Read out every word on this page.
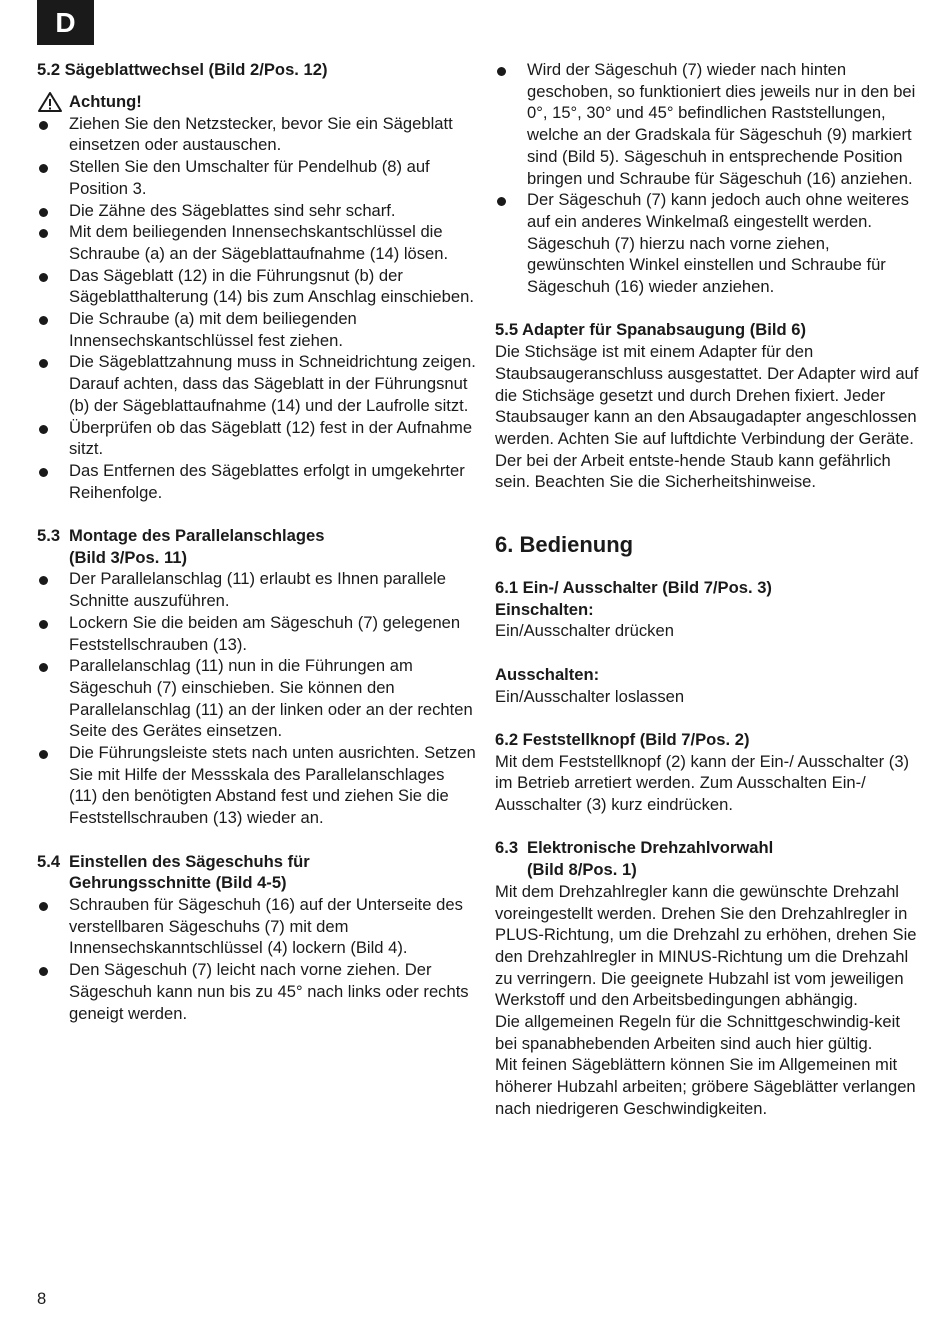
D
5.2 Sägeblattwechsel (Bild 2/Pos. 12)
Achtung!
Ziehen Sie den Netzstecker, bevor Sie ein Sägeblatt einsetzen oder austauschen.
Stellen Sie den Umschalter für Pendelhub (8) auf Position 3.
Die Zähne des Sägeblattes sind sehr scharf.
Mit dem beiliegenden Innensechskantschlüssel die Schraube (a) an der Sägeblattaufnahme (14) lösen.
Das Sägeblatt (12) in die Führungsnut (b) der Sägeblatthalterung (14) bis zum Anschlag einschieben.
Die Schraube (a) mit dem beiliegenden Innensechskantschlüssel fest ziehen.
Die Sägeblattzahnung muss in Schneidrichtung zeigen. Darauf achten, dass das Sägeblatt in der Führungsnut (b) der Sägeblattaufnahme (14) und der Laufrolle sitzt.
Überprüfen ob das Sägeblatt (12) fest in der Aufnahme sitzt.
Das Entfernen des Sägeblattes erfolgt in umgekehrter Reihenfolge.
5.3 Montage des Parallelanschlages
(Bild 3/Pos. 11)
Der Parallelanschlag (11) erlaubt es Ihnen parallele Schnitte auszuführen.
Lockern Sie die beiden am Sägeschuh (7) gelegenen Feststellschrauben (13).
Parallelanschlag (11) nun in die Führungen am Sägeschuh (7) einschieben. Sie können den Parallelanschlag (11) an der linken oder an der rechten Seite des Gerätes einsetzen.
Die Führungsleiste stets nach unten ausrichten. Setzen Sie mit Hilfe der Messskala des Parallelanschlages (11) den benötigten Abstand fest und ziehen Sie die Feststellschrauben (13) wieder an.
5.4 Einstellen des Sägeschuhs für
Gehrungsschnitte (Bild 4-5)
Schrauben für Sägeschuh (16) auf der Unterseite des verstellbaren Sägeschuhs (7) mit dem Innensechskanntschlüssel (4) lockern (Bild 4).
Den Sägeschuh (7) leicht nach vorne ziehen. Der Sägeschuh kann nun bis zu 45° nach links oder rechts geneigt werden.
Wird der Sägeschuh (7) wieder nach hinten geschoben, so funktioniert dies jeweils nur in den bei 0°, 15°, 30° und 45° befindlichen Raststellungen, welche an der Gradskala für Sägeschuh (9) markiert sind (Bild 5). Sägeschuh in entsprechende Position bringen und Schraube für Sägeschuh (16) anziehen.
Der Sägeschuh (7) kann jedoch auch ohne weiteres auf ein anderes Winkelmaß eingestellt werden. Sägeschuh (7) hierzu nach vorne ziehen, gewünschten Winkel einstellen und Schraube für Sägeschuh (16) wieder anziehen.
5.5 Adapter für Spanabsaugung (Bild 6)

Die Stichsäge ist mit einem Adapter für den Staubsaugeranschluss ausgestattet. Der Adapter wird auf die Stichsäge gesetzt und durch Drehen fixiert. Jeder Staubsauger kann an den Absaugadapter angeschlossen werden. Achten Sie auf luftdichte Verbindung der Geräte. Der bei der Arbeit entste-hende Staub kann gefährlich sein. Beachten Sie die Sicherheitshinweise.

6. Bedienung
6.1 Ein-/ Ausschalter (Bild 7/Pos. 3)
Einschalten:

Ein/Ausschalter drücken

Ausschalten:

Ein/Ausschalter loslassen

6.2 Feststellknopf (Bild 7/Pos. 2)

Mit dem Feststellknopf (2) kann der Ein-/ Ausschalter (3) im Betrieb arretiert werden. Zum Ausschalten Ein-/ Ausschalter (3) kurz eindrücken.

6.3 Elektronische Drehzahlvorwahl
(Bild 8/Pos. 1)

Mit dem Drehzahlregler kann die gewünschte Drehzahl voreingestellt werden. Drehen Sie den Drehzahlregler in PLUS-Richtung, um die Drehzahl zu erhöhen, drehen Sie den Drehzahlregler in MINUS-Richtung um die Drehzahl zu verringern. Die geeignete Hubzahl ist vom jeweiligen Werkstoff und den Arbeitsbedingungen abhängig.

Die allgemeinen Regeln für die Schnittgeschwindig-keit bei spanabhebenden Arbeiten sind auch hier gültig.

Mit feinen Sägeblättern können Sie im Allgemeinen mit höherer Hubzahl arbeiten; gröbere Sägeblätter verlangen nach niedrigeren Geschwindigkeiten.

8
